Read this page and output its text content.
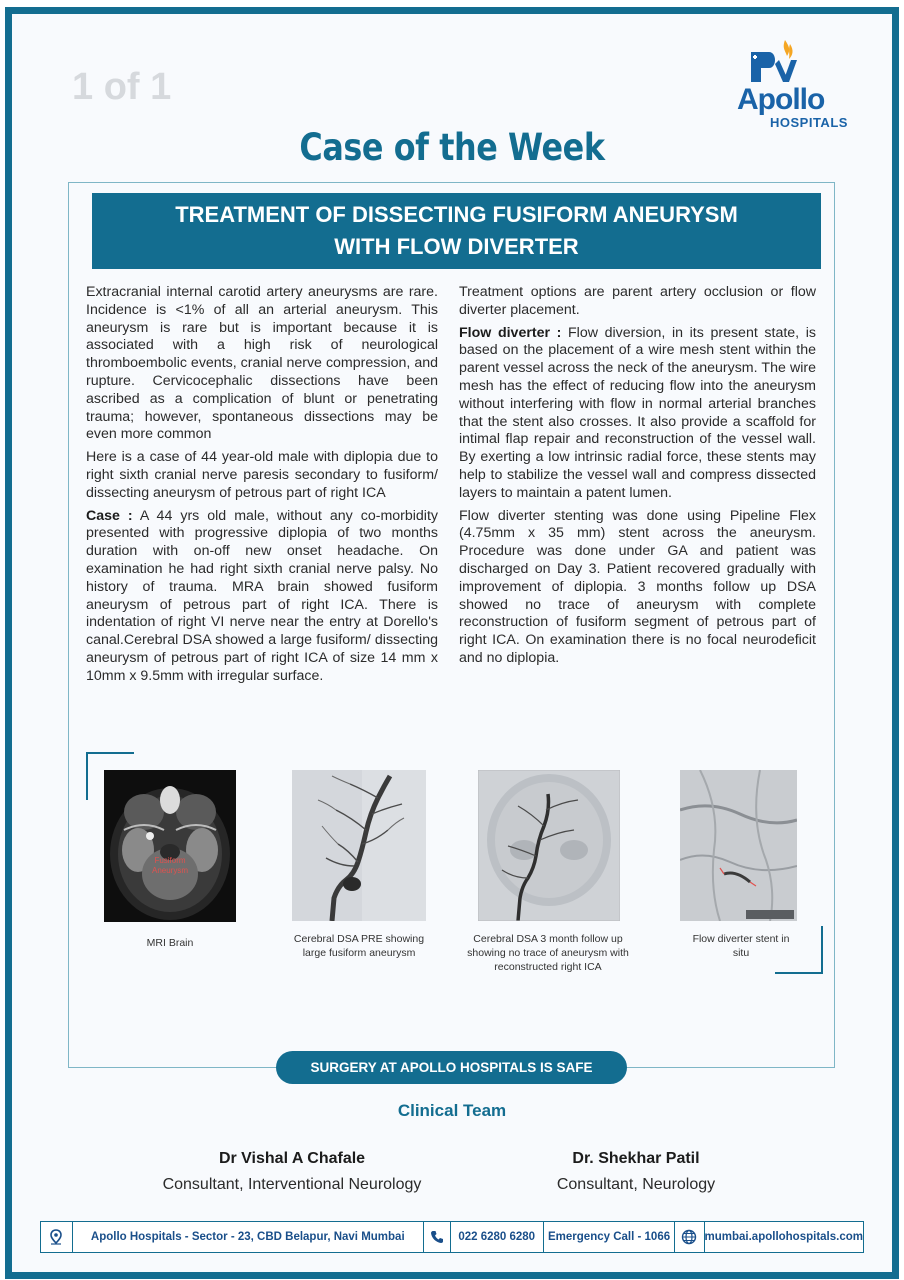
1 of 1	Apollo
HOSPITALS
Case of the Week
TREATMENT OF DISSECTING FUSIFORM ANEURYSM
WITH FLOW DIVERTER

Extracranial internal carotid artery aneurysms are rare. Incidence is <1% of all an arterial aneurysm. This aneurysm is rare but is important because it is associated with a high risk of neurological thromboembolic events, cranial nerve compression, and rupture. Cervicocephalic dissections have been ascribed as a complication of blunt or penetrating trauma; however, spontaneous dissections may be even more common

Here is a case of 44 year-old male with diplopia due to right sixth cranial nerve paresis secondary to fusiform/ dissecting aneurysm of petrous part of right ICA

Case : A 44 yrs old male, without any co-morbidity presented with progressive diplopia of two months duration with on-off new onset headache. On examination he had right sixth cranial nerve palsy. No history of trauma. MRA brain showed fusiform aneurysm of petrous part of right ICA. There is indentation of right VI nerve near the entry at Dorello's canal.Cerebral DSA showed a large fusiform/ dissecting aneurysm of petrous part of right ICA of size 14 mm x 10mm x 9.5mm with irregular surface.

Treatment options are parent artery occlusion or flow diverter placement.

Flow diverter : Flow diversion, in its present state, is based on the placement of a wire mesh stent within the parent vessel across the neck of the aneurysm. The wire mesh has the effect of reducing flow into the aneurysm without interfering with flow in normal arterial branches that the stent also crosses. It also provide a scaffold for intimal flap repair and reconstruction of the vessel wall. By exerting a low intrinsic radial force, these stents may help to stabilize the vessel wall and compress dissected layers to maintain a patent lumen.

Flow diverter stenting was done using Pipeline Flex (4.75mm x 35 mm) stent across the aneurysm. Procedure was done under GA and patient was discharged on Day 3. Patient recovered gradually with improvement of diplopia. 3 months follow up DSA showed no trace of aneurysm with complete reconstruction of fusiform segment of petrous part of right ICA. On examination there is no focal neurodeficit and no diplopia.

Fusiform Aneurysm
MRI Brain	Cerebral DSA PRE showing large fusiform aneurysm
Cerebral DSA 3 month follow up showing no trace of aneurysm with reconstructed right ICA
Flow diverter stent in situ
SURGERY AT APOLLO HOSPITALS IS SAFE
Clinical Team
Dr Vishal A Chafale
Consultant, Interventional Neurology
Dr. Shekhar Patil
Consultant, Neurology
Apollo Hospitals - Sector - 23, CBD Belapur, Navi Mumbai	022 6280 6280	Emergency Call - 1066	mumbai.apollohospitals.com
